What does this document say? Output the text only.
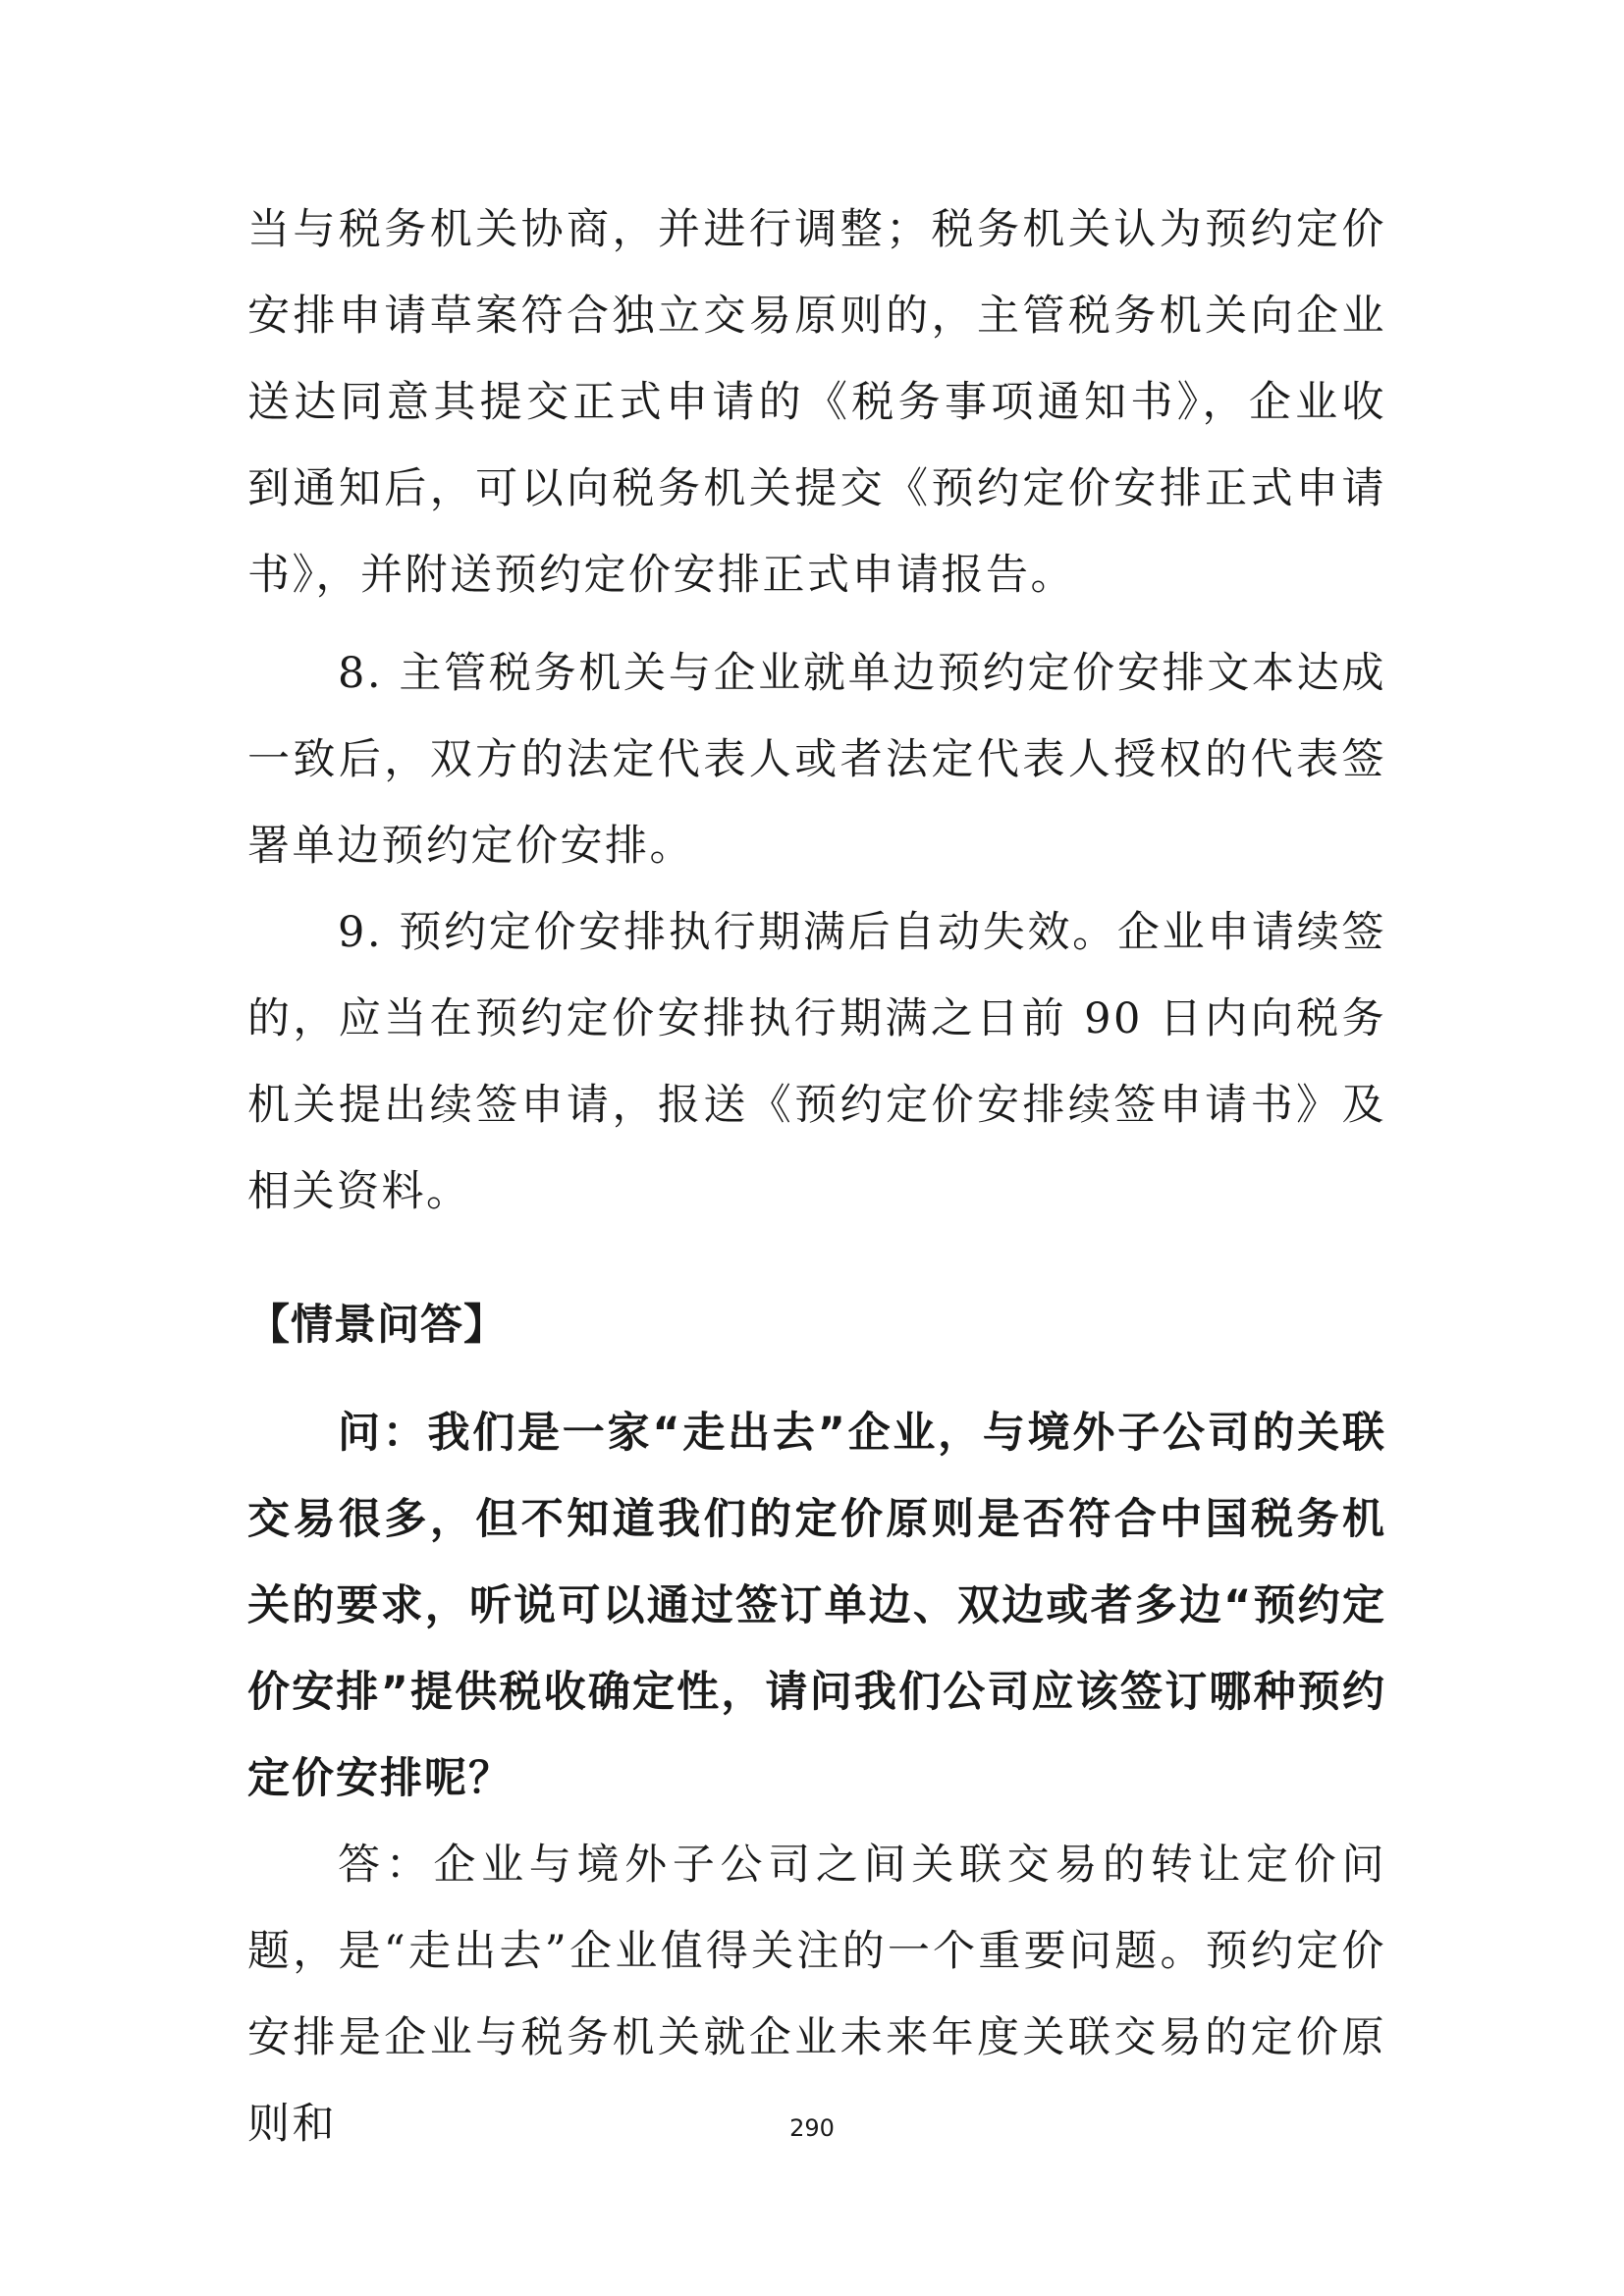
当与税务机关协商，并进行调整；税务机关认为预约定价安排申请草案符合独立交易原则的，主管税务机关向企业送达同意其提交正式申请的《税务事项通知书》，企业收到通知后，可以向税务机关提交《预约定价安排正式申请书》，并附送预约定价安排正式申请报告。

8. 主管税务机关与企业就单边预约定价安排文本达成一致后，双方的法定代表人或者法定代表人授权的代表签署单边预约定价安排。

9. 预约定价安排执行期满后自动失效。企业申请续签的，应当在预约定价安排执行期满之日前 90 日内向税务机关提出续签申请，报送《预约定价安排续签申请书》及相关资料。

【情景问答】

问：我们是一家“走出去”企业，与境外子公司的关联交易很多，但不知道我们的定价原则是否符合中国税务机关的要求，听说可以通过签订单边、双边或者多边“预约定价安排”提供税收确定性，请问我们公司应该签订哪种预约定价安排呢？

答：企业与境外子公司之间关联交易的转让定价问题，是“走出去”企业值得关注的一个重要问题。预约定价安排是企业与税务机关就企业未来年度关联交易的定价原则和	290
